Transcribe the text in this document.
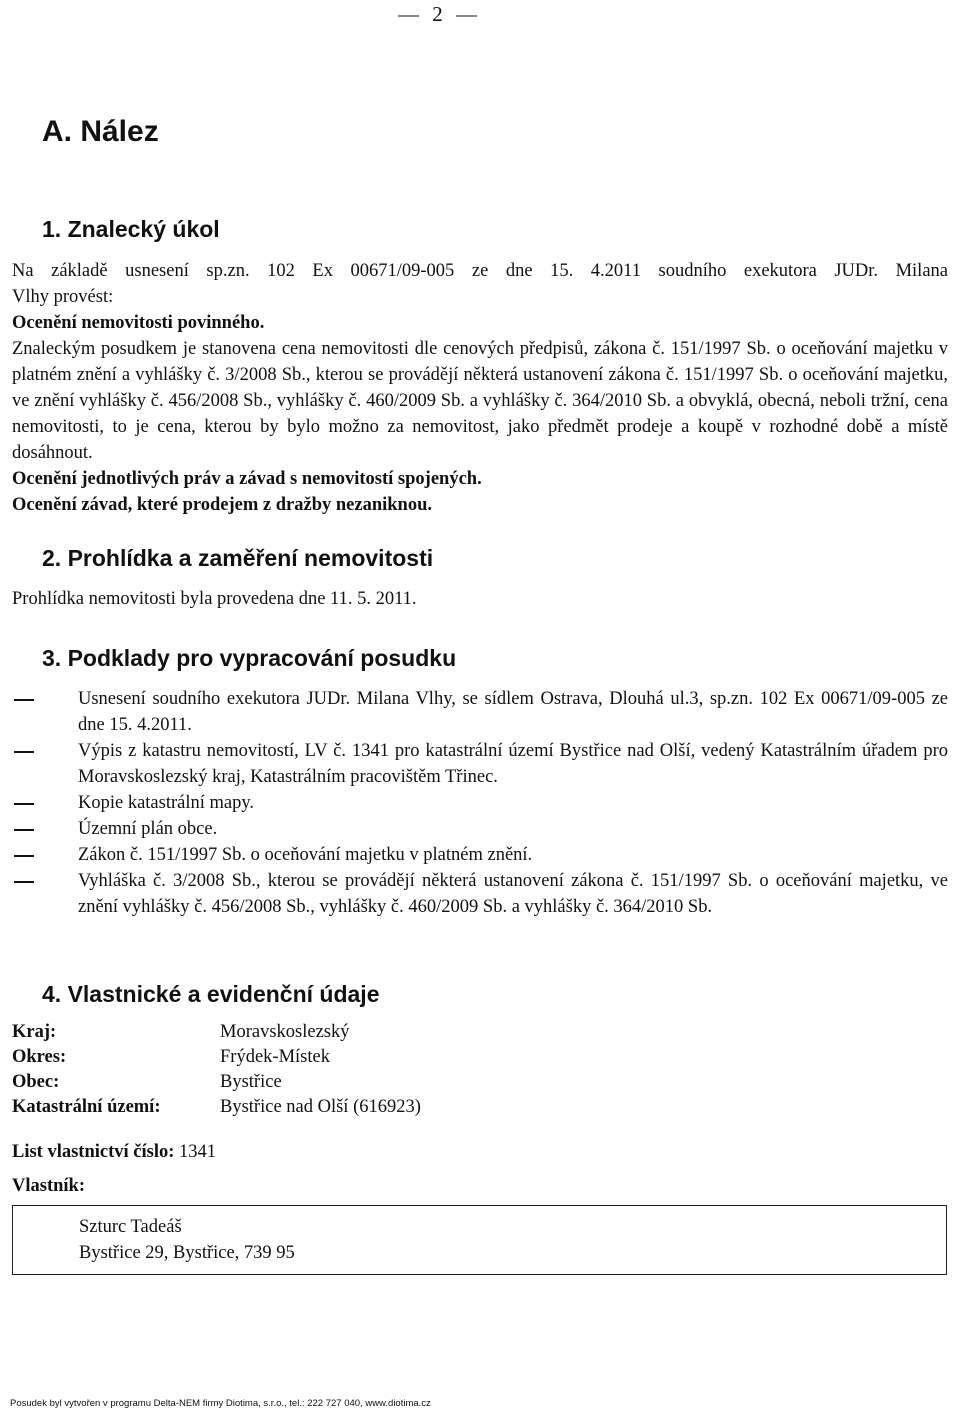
— 2 —
A. Nález
1. Znalecký úkol
Na základě usnesení sp.zn. 102 Ex 00671/09-005 ze dne 15. 4.2011 soudního exekutora JUDr. Milana
Vlhy provést:
Ocenění nemovitosti povinného.
Znaleckým posudkem je stanovena cena nemovitosti dle cenových předpisů, zákona č. 151/1997 Sb. o oceňování majetku v platném znění a vyhlášky č. 3/2008 Sb., kterou se provádějí některá ustanovení zákona č. 151/1997 Sb. o oceňování majetku, ve znění vyhlášky č. 456/2008 Sb., vyhlášky č. 460/2009 Sb. a vyhlášky č. 364/2010 Sb. a obvyklá, obecná, neboli tržní, cena nemovitosti, to je cena, kterou by bylo možno za nemovitost, jako předmět prodeje a koupě v rozhodné době a místě dosáhnout.
Ocenění jednotlivých práv a závad s nemovitostí spojených.
Ocenění závad, které prodejem z dražby nezaniknou.
2. Prohlídka a zaměření nemovitosti
Prohlídka nemovitosti byla provedena dne 11. 5. 2011.
3. Podklady pro vypracování posudku
Usnesení soudního exekutora JUDr. Milana Vlhy, se sídlem Ostrava, Dlouhá ul.3, sp.zn. 102 Ex 00671/09-005 ze dne 15. 4.2011.
Výpis z katastru nemovitostí, LV č. 1341 pro katastrální území Bystřice nad Olší, vedený Katastrálním úřadem pro Moravskoslezský kraj, Katastrálním pracovištěm Třinec.
Kopie katastrální mapy.
Územní plán obce.
Zákon č. 151/1997 Sb. o oceňování majetku v platném znění.
Vyhláška č. 3/2008 Sb., kterou se provádějí některá ustanovení zákona č. 151/1997 Sb. o oceňování majetku, ve znění vyhlášky č. 456/2008 Sb., vyhlášky č. 460/2009 Sb. a vyhlášky č. 364/2010 Sb.
4. Vlastnické a evidenční údaje
Kraj:	Moravskoslezský
Okres:	Frýdek-Místek
Obec:	Bystřice
Katastrální území:	Bystřice nad Olší (616923)
List vlastnictví číslo: 1341
Vlastník:
Szturc Tadeáš
Bystřice 29, Bystřice, 739 95
Posudek byl vytvořen v programu Delta-NEM firmy Diotima, s.r.o., tel.: 222 727 040, www.diotima.cz
